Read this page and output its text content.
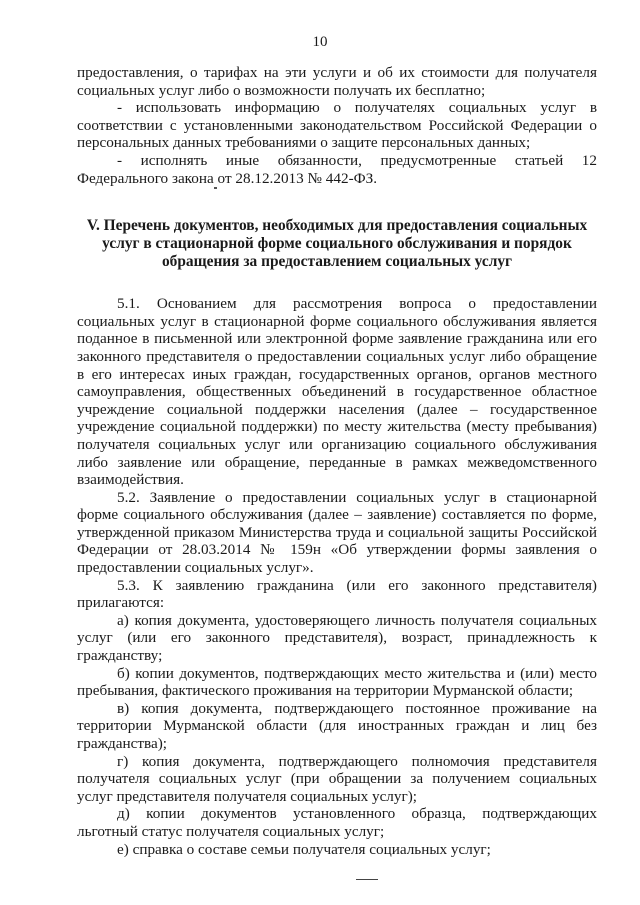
10

предоставления, о тарифах на эти услуги и об их стоимости для получателя социальных услуг либо о возможности получать их бесплатно;

- использовать информацию о получателях социальных услуг в соответствии с установленными законодательством Российской Федерации о персональных данных требованиями о защите персональных данных;

- исполнять иные обязанности, предусмотренные статьей 12 Федерального закона от 28.12.2013 № 442-ФЗ.

V. Перечень документов, необходимых для предоставления социальных услуг в стационарной форме социального обслуживания и порядок обращения за предоставлением социальных услуг

5.1. Основанием для рассмотрения вопроса о предоставлении социальных услуг в стационарной форме социального обслуживания является поданное в письменной или электронной форме заявление гражданина или его законного представителя о предоставлении социальных услуг либо обращение в его интересах иных граждан, государственных органов, органов местного самоуправления, общественных объединений в государственное областное учреждение социальной поддержки населения (далее – государственное учреждение социальной поддержки) по месту жительства (месту пребывания) получателя социальных услуг или организацию социального обслуживания либо заявление или обращение, переданные в рамках межведомственного взаимодействия.

5.2. Заявление о предоставлении социальных услуг в стационарной форме социального обслуживания (далее – заявление) составляется по форме, утвержденной приказом Министерства труда и социальной защиты Российской Федерации от 28.03.2014 № 159н «Об утверждении формы заявления о предоставлении социальных услуг».

5.3. К заявлению гражданина (или его законного представителя) прилагаются:

а) копия документа, удостоверяющего личность получателя социальных услуг (или его законного представителя), возраст, принадлежность к гражданству;

б) копии документов, подтверждающих место жительства и (или) место пребывания, фактического проживания на территории Мурманской области;

в) копия документа, подтверждающего постоянное проживание на территории Мурманской области (для иностранных граждан и лиц без гражданства);

г) копия документа, подтверждающего полномочия представителя получателя социальных услуг (при обращении за получением социальных услуг представителя получателя социальных услуг);

д) копии документов установленного образца, подтверждающих льготный статус получателя социальных услуг;

е) справка о составе семьи получателя социальных услуг;
